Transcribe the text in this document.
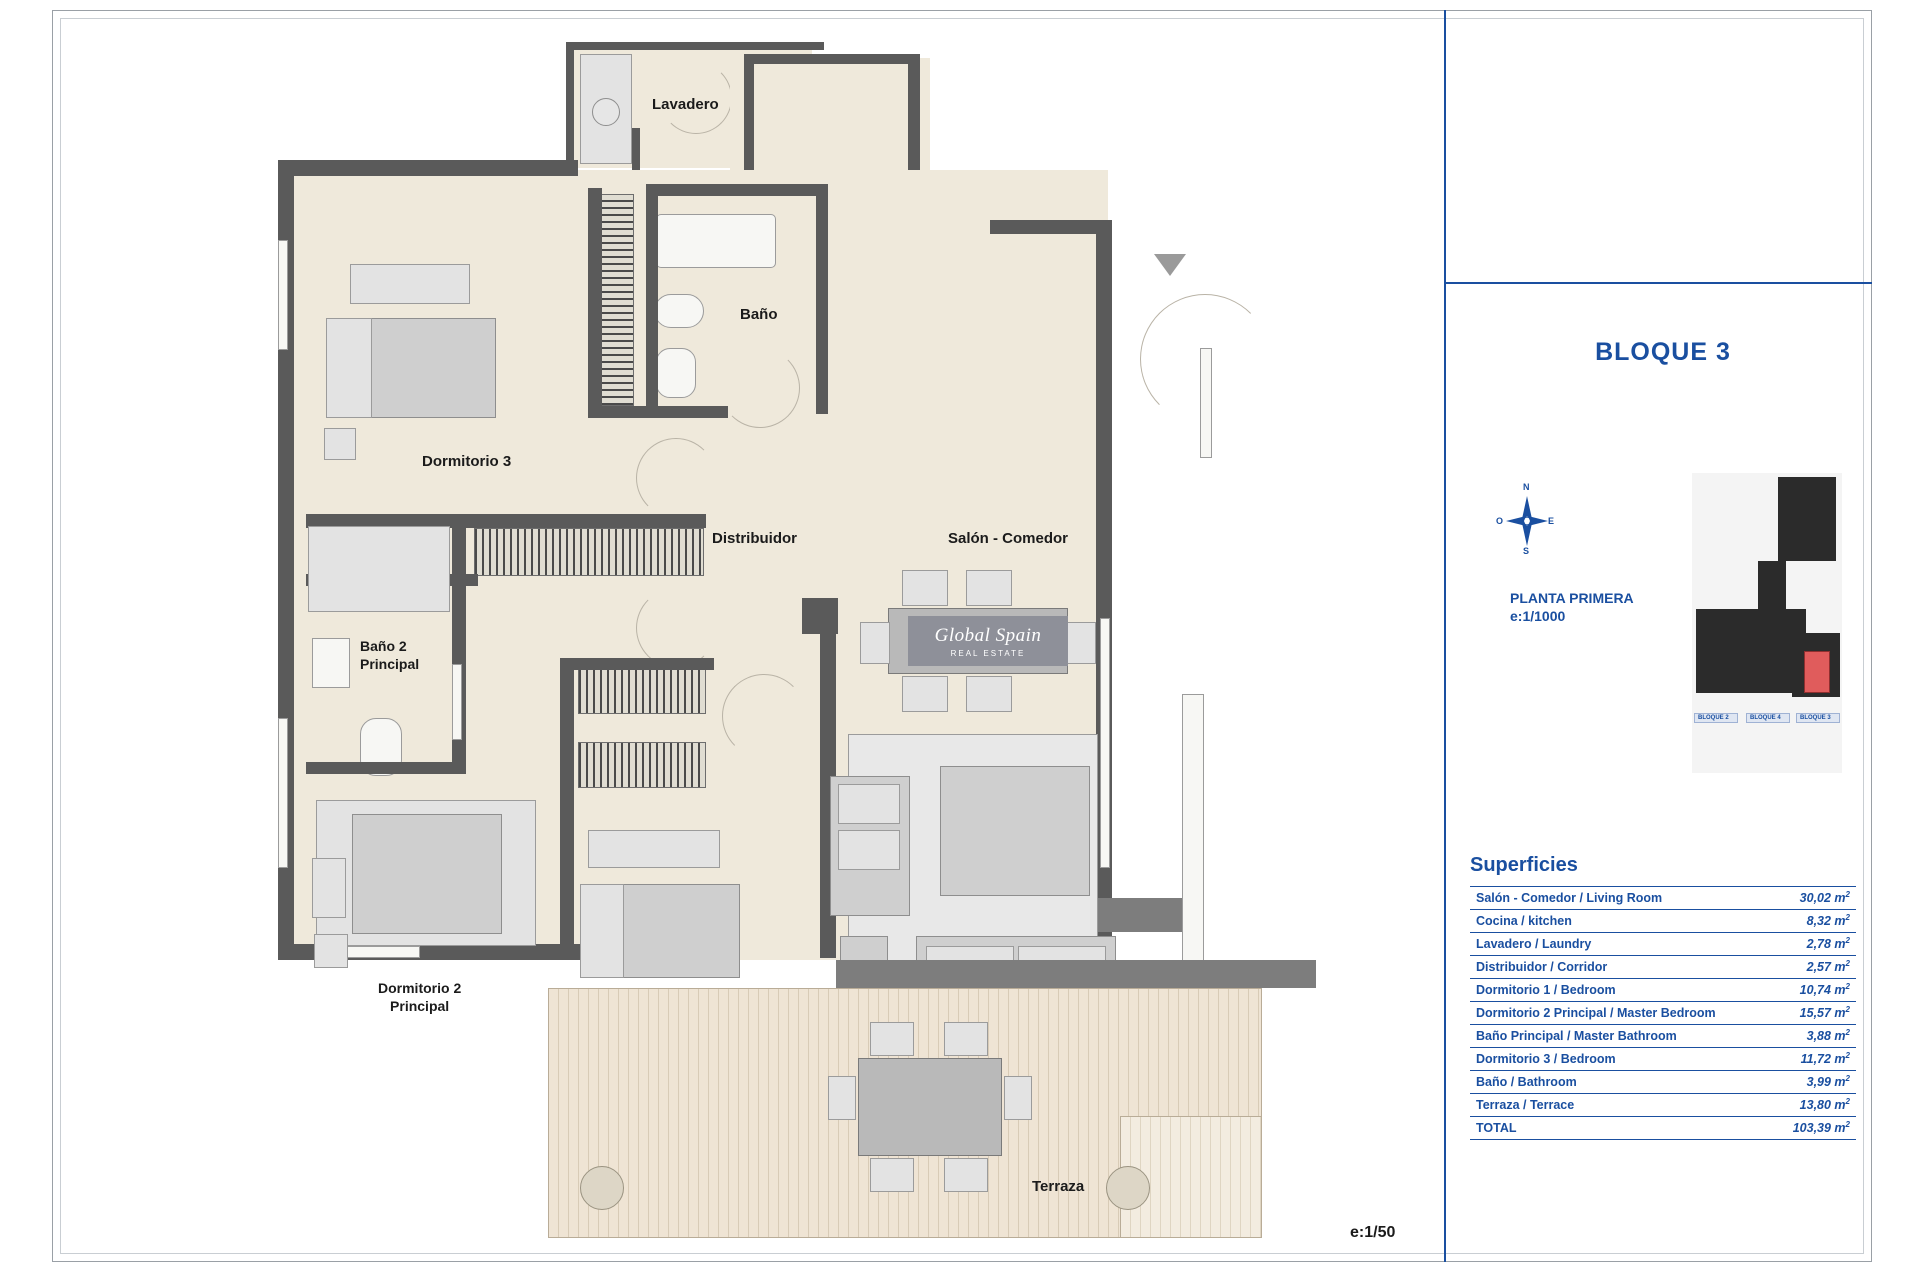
Lavadero
Dormitorio 3
Baño
Distribuidor
Baño 2
Principal
Dormitorio 2
Principal
Salón - Comedor
Global Spain
REAL ESTATE
Terraza
e:1/50
BLOQUE 3
N
S
O	E
PLANTA PRIMERA
e:1/1000
BLOQUE 2	BLOQUE 4	BLOQUE 3
Superficies
Salón - Comedor / Living Room	30,02 $m^2$
Cocina / kitchen	8,32 $m^2$
Lavadero / Laundry	2,78 $m^2$
Distribuidor / Corridor	2,57 $m^2$
Dormitorio 1 / Bedroom	10,74 $m^2$
Dormitorio 2 Principal / Master Bedroom	15,57 $m^2$
Baño Principal / Master Bathroom	3,88 $m^2$
Dormitorio 3 / Bedroom	11,72 $m^2$
Baño / Bathroom	3,99 $m^2$
Terraza / Terrace	13,80 $m^2$
TOTAL	103,39 $m^2$
